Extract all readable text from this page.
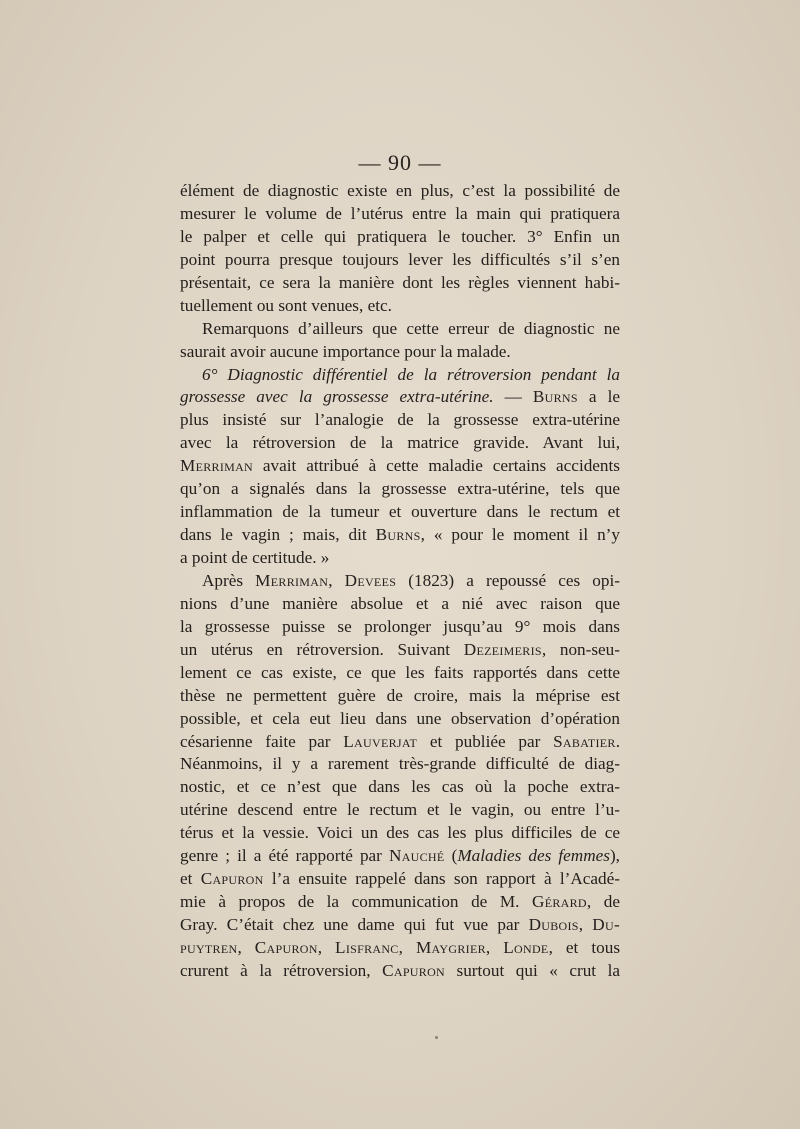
— 90 —
élément de diagnostic existe en plus, c’est la possibilité de
mesurer le volume de l’utérus entre la main qui pratiquera
le palper et celle qui pratiquera le toucher. 3° Enfin un
point pourra presque toujours lever les difficultés s’il s’en
présentait, ce sera la manière dont les règles viennent habi-
tuellement ou sont venues, etc.
Remarquons d’ailleurs que cette erreur de diagnostic ne
saurait avoir aucune importance pour la malade.
6° Diagnostic différentiel de la rétroversion pendant la
grossesse avec la grossesse extra-utérine. — Burns a le
plus insisté sur l’analogie de la grossesse extra-utérine
avec la rétroversion de la matrice gravide. Avant lui,
Merriman avait attribué à cette maladie certains accidents
qu’on a signalés dans la grossesse extra-utérine, tels que
inflammation de la tumeur et ouverture dans le rectum et
dans le vagin ; mais, dit Burns, « pour le moment il n’y
a point de certitude. »
Après Merriman, Devees (1823) a repoussé ces opi-
nions d’une manière absolue et a nié avec raison que
la grossesse puisse se prolonger jusqu’au 9° mois dans
un utérus en rétroversion. Suivant Dezeimeris, non-seu-
lement ce cas existe, ce que les faits rapportés dans cette
thèse ne permettent guère de croire, mais la méprise est
possible, et cela eut lieu dans une observation d’opération
césarienne faite par Lauverjat et publiée par Sabatier.
Néanmoins, il y a rarement très-grande difficulté de diag-
nostic, et ce n’est que dans les cas où la poche extra-
utérine descend entre le rectum et le vagin, ou entre l’u-
térus et la vessie. Voici un des cas les plus difficiles de ce
genre ; il a été rapporté par Nauché (Maladies des femmes),
et Capuron l’a ensuite rappelé dans son rapport à l’Acadé-
mie à propos de la communication de M. Gérard, de
Gray. C’était chez une dame qui fut vue par Dubois, Du-
puytren, Capuron, Lisfranc, Maygrier, Londe, et tous
crurent à la rétroversion, Capuron surtout qui « crut la
